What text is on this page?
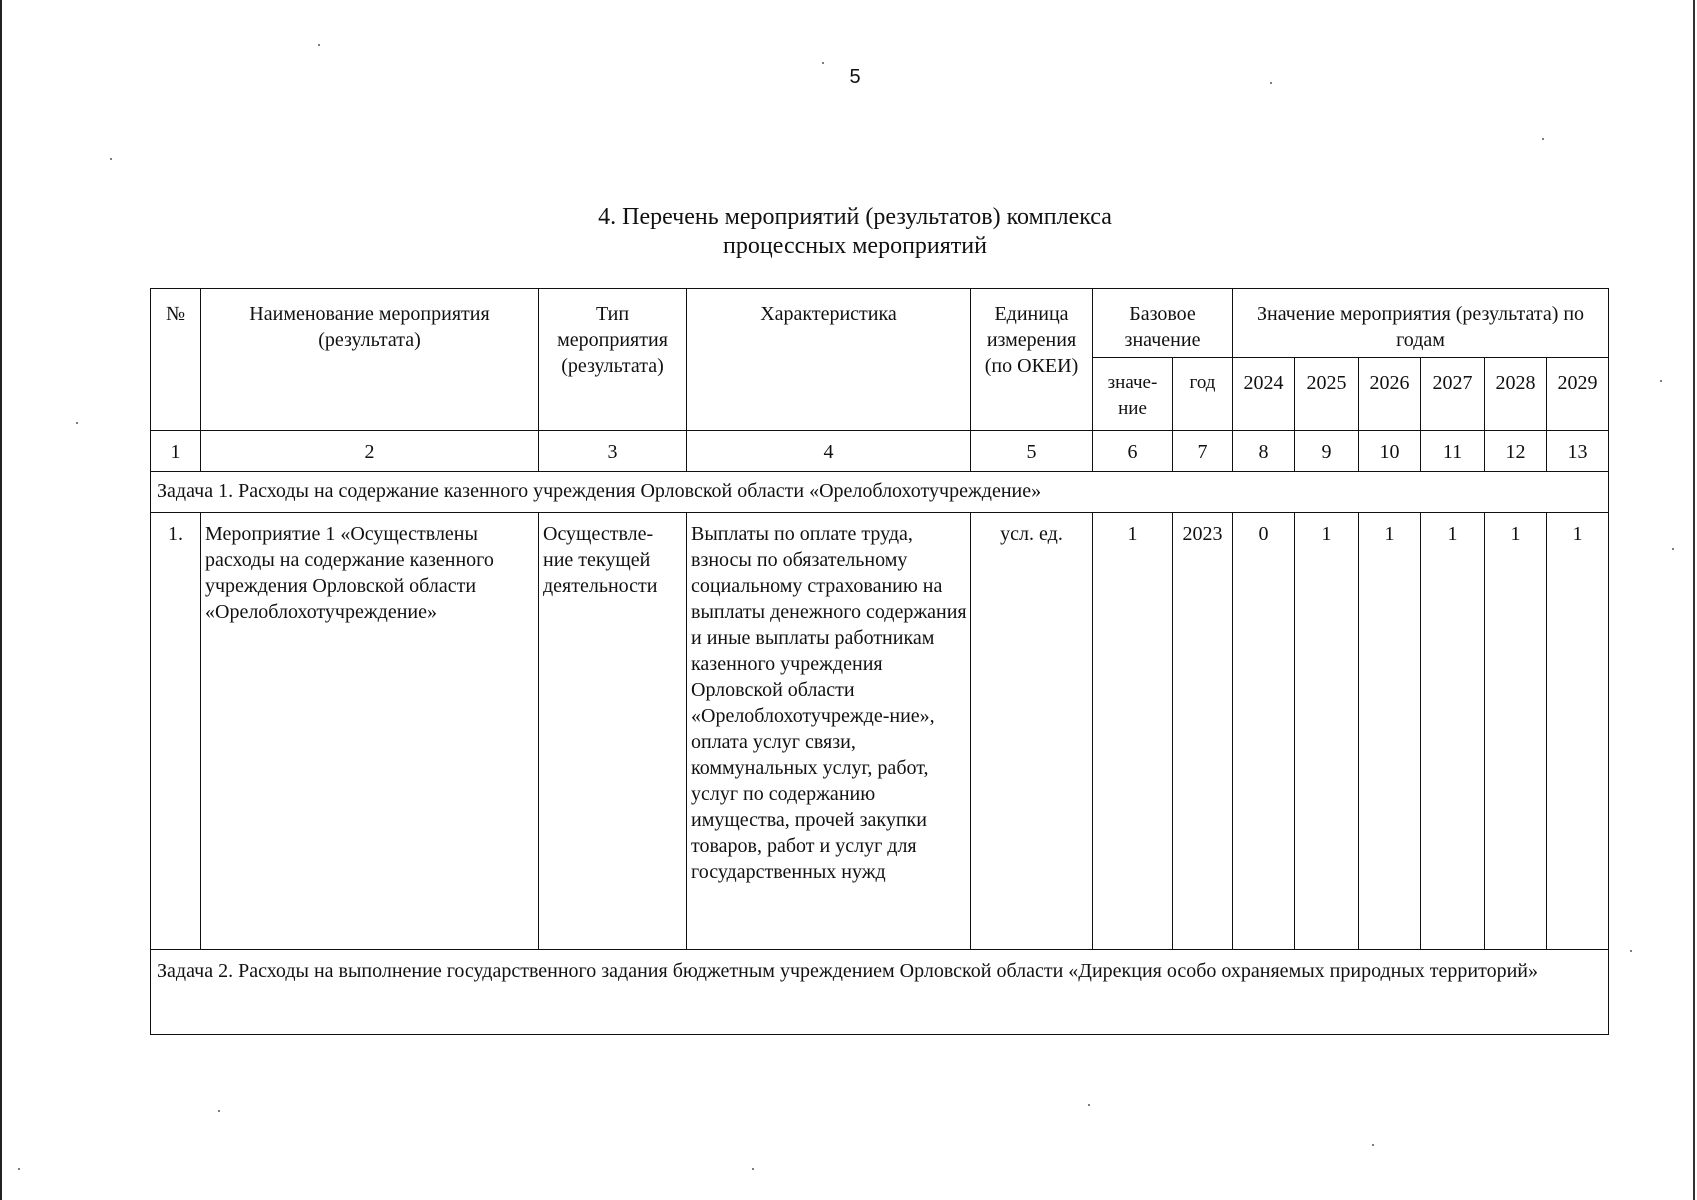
5
4. Перечень мероприятий (результатов) комплекса
процессных мероприятий
№	Наименование мероприятия (результата)	Тип мероприятия (результата)	Характеристика	Единица измерения (по ОКЕИ)	Базовое значение		Значение мероприятия (результата) по годам					
					значе-ние	год	2024	2025	2026	2027	2028	2029
1	2	3	4	5	6	7	8	9	10	11	12	13
Задача 1. Расходы на содержание казенного учреждения Орловской области «Орелоблохотучреждение»												
1.	Мероприятие 1 «Осуществлены расходы на содержание казенного учреждения Орловской области «Орелоблохотучреждение»	Осуществле-ние текущей деятельности	Выплаты по оплате труда, взносы по обязательному социальному страхованию на выплаты денежного содержания и иные выплаты работникам казенного учреждения Орловской области «Орелоблохотучрежде-ние», оплата услуг связи, коммунальных услуг, работ, услуг по содержанию имущества, прочей закупки товаров, работ и услуг для государственных нужд	усл. ед.	1	2023	0	1	1	1	1	1
Задача 2. Расходы на выполнение государственного задания бюджетным учреждением Орловской области «Дирекция особо охраняемых природных территорий»												
